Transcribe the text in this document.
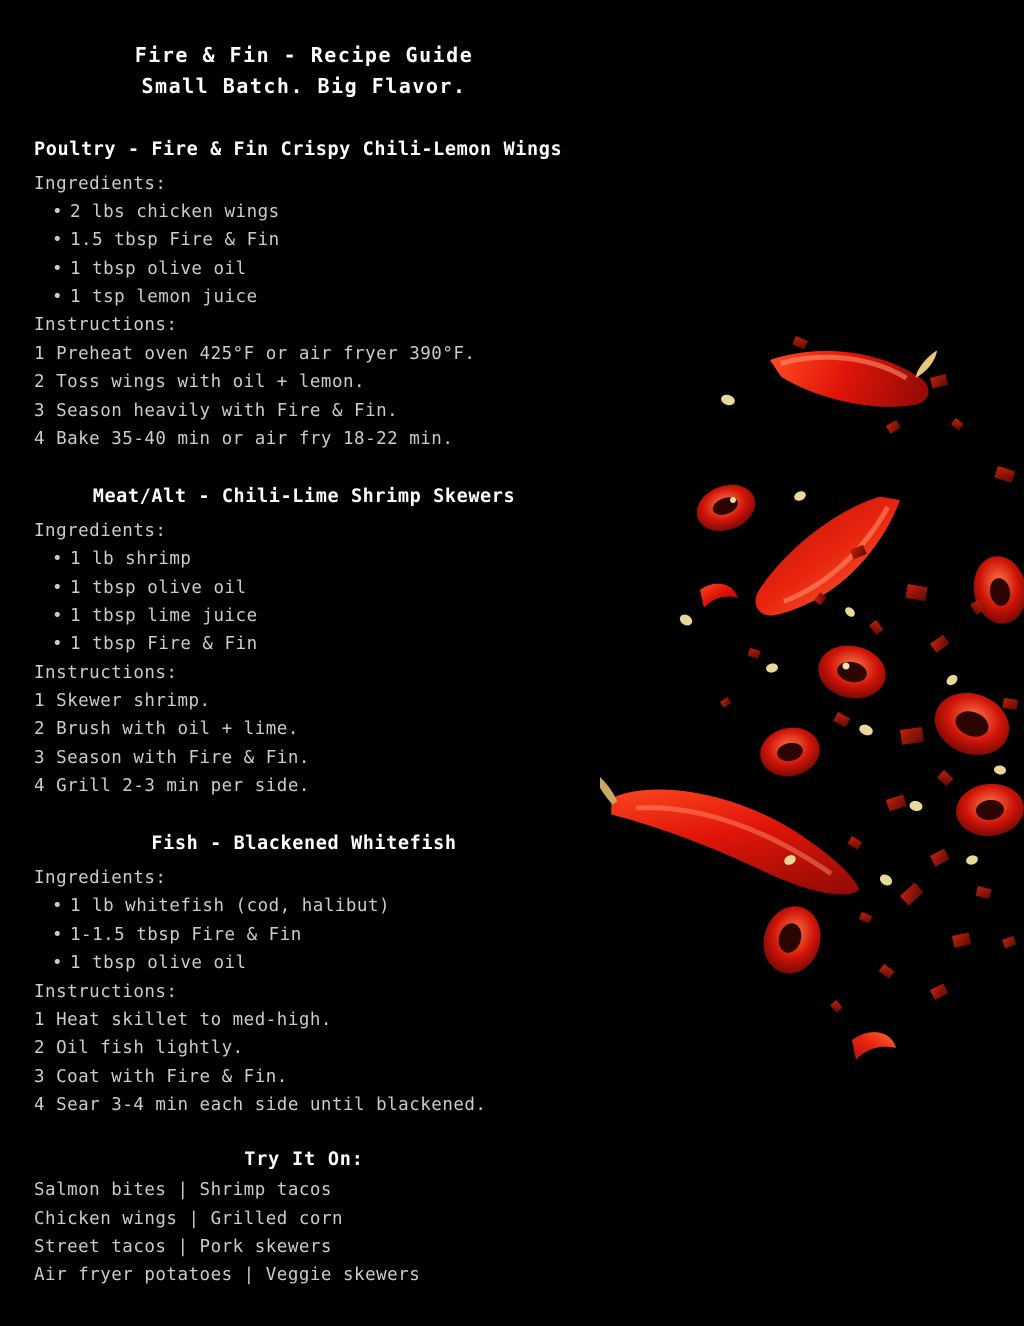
Fire & Fin - Recipe Guide
Small Batch. Big Flavor.
Poultry - Fire & Fin Crispy Chili-Lemon Wings
Ingredients:
• 2 lbs chicken wings
• 1.5 tbsp Fire & Fin
• 1 tbsp olive oil
• 1 tsp lemon juice
Instructions:
1 Preheat oven 425°F or air fryer 390°F.
2 Toss wings with oil + lemon.
3 Season heavily with Fire & Fin.
4 Bake 35-40 min or air fry 18-22 min.
Meat/Alt - Chili-Lime Shrimp Skewers
Ingredients:
• 1 lb shrimp
• 1 tbsp olive oil
• 1 tbsp lime juice
• 1 tbsp Fire & Fin
Instructions:
1 Skewer shrimp.
2 Brush with oil + lime.
3 Season with Fire & Fin.
4 Grill 2-3 min per side.
Fish - Blackened Whitefish
Ingredients:
• 1 lb whitefish (cod, halibut)
• 1-1.5 tbsp Fire & Fin
• 1 tbsp olive oil
Instructions:
1 Heat skillet to med-high.
2 Oil fish lightly.
3 Coat with Fire & Fin.
4 Sear 3-4 min each side until blackened.
Try It On:
Salmon bites | Shrimp tacos
Chicken wings | Grilled corn
Street tacos | Pork skewers
Air fryer potatoes | Veggie skewers
